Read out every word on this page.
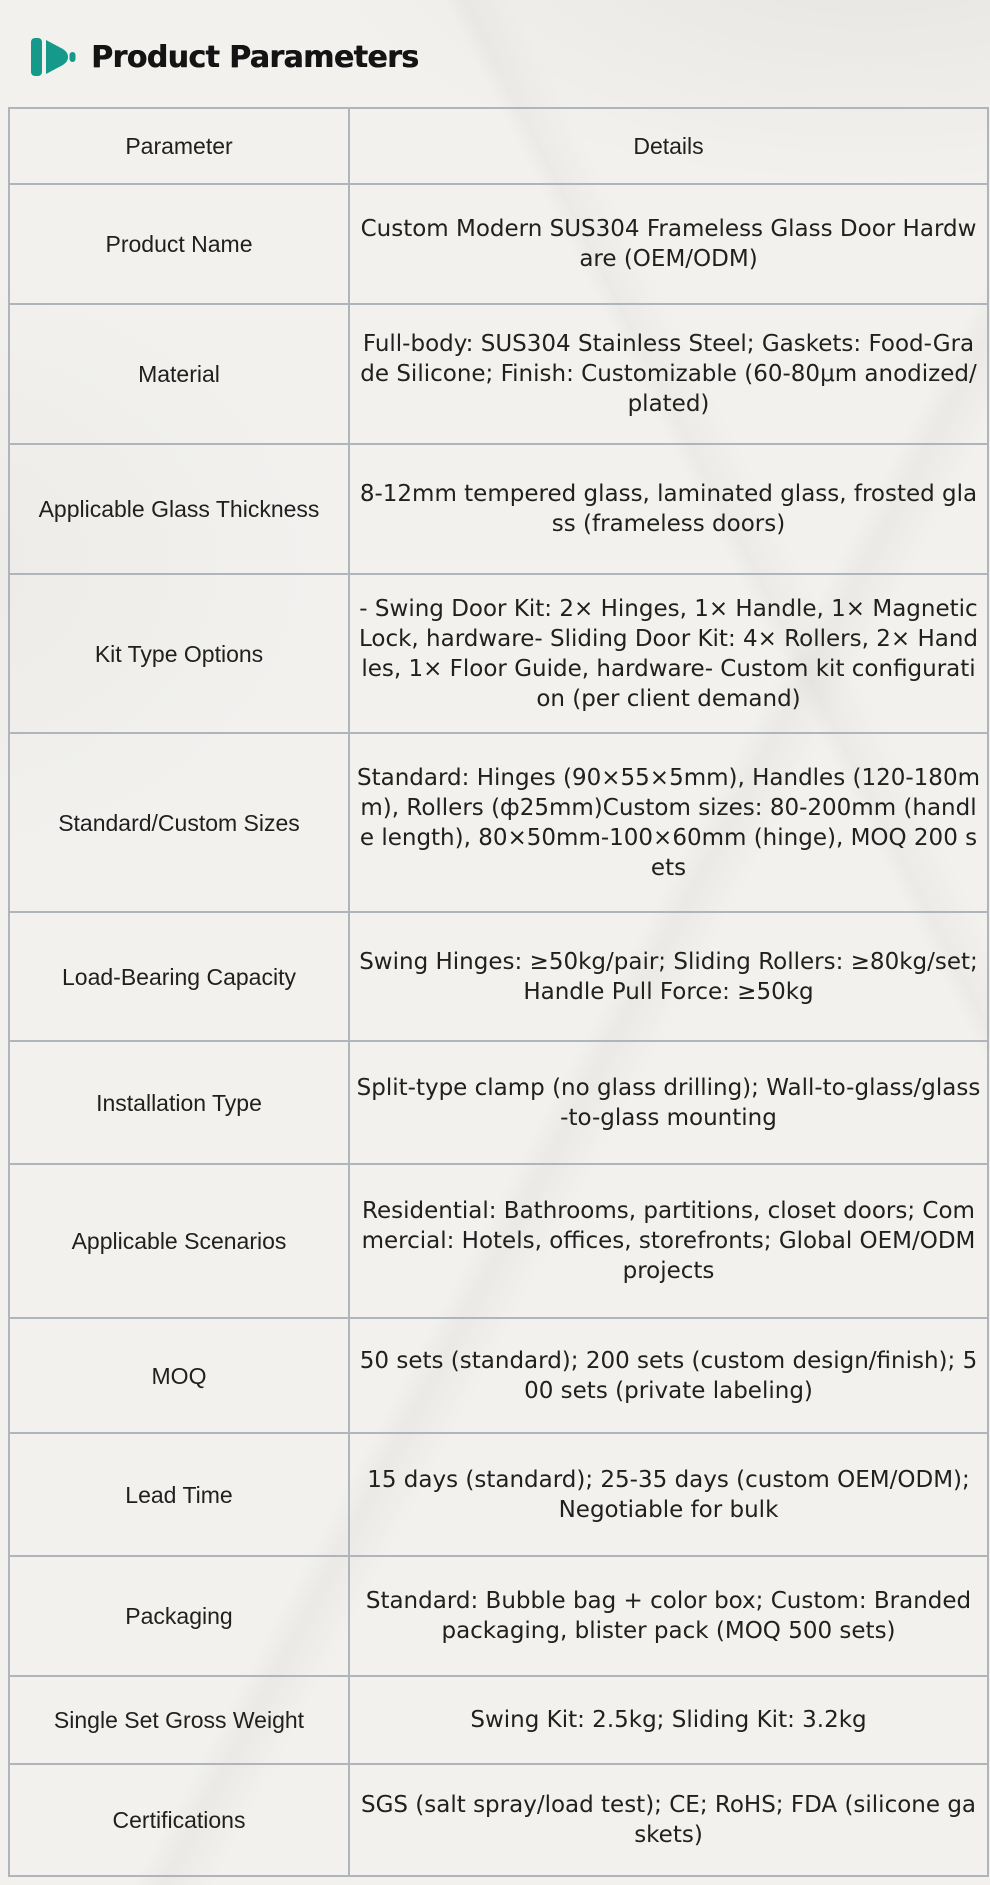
Product Parameters
Parameter	Details
Product Name	Custom Modern SUS304 Frameless Glass Door Hardware (OEM/ODM)
Material	Full-body: SUS304 Stainless Steel; Gaskets: Food-Grade Silicone; Finish: Customizable (60-80μm anodized/plated)
Applicable Glass Thickness	8-12mm tempered glass, laminated glass, frosted glass (frameless doors)
Kit Type Options	- Swing Door Kit: 2× Hinges, 1× Handle, 1× Magnetic Lock, hardware- Sliding Door Kit: 4× Rollers, 2× Handles, 1× Floor Guide, hardware- Custom kit configuration (per client demand)
Standard/Custom Sizes	Standard: Hinges (90×55×5mm), Handles (120-180mm), Rollers (ф25mm)Custom sizes: 80-200mm (handle length), 80×50mm-100×60mm (hinge), MOQ 200 sets
Load-Bearing Capacity	Swing Hinges: ≥50kg/pair; Sliding Rollers: ≥80kg/set; Handle Pull Force: ≥50kg
Installation Type	Split-type clamp (no glass drilling); Wall-to-glass/glass-to-glass mounting
Applicable Scenarios	Residential: Bathrooms, partitions, closet doors; Commercial: Hotels, offices, storefronts; Global OEM/ODM projects
MOQ	50 sets (standard); 200 sets (custom design/finish); 500 sets (private labeling)
Lead Time	15 days (standard); 25-35 days (custom OEM/ODM); Negotiable for bulk
Packaging	Standard: Bubble bag + color box; Custom: Branded packaging, blister pack (MOQ 500 sets)
Single Set Gross Weight	Swing Kit: 2.5kg; Sliding Kit: 3.2kg
Certifications	SGS (salt spray/load test); CE; RoHS; FDA (silicone gaskets)
